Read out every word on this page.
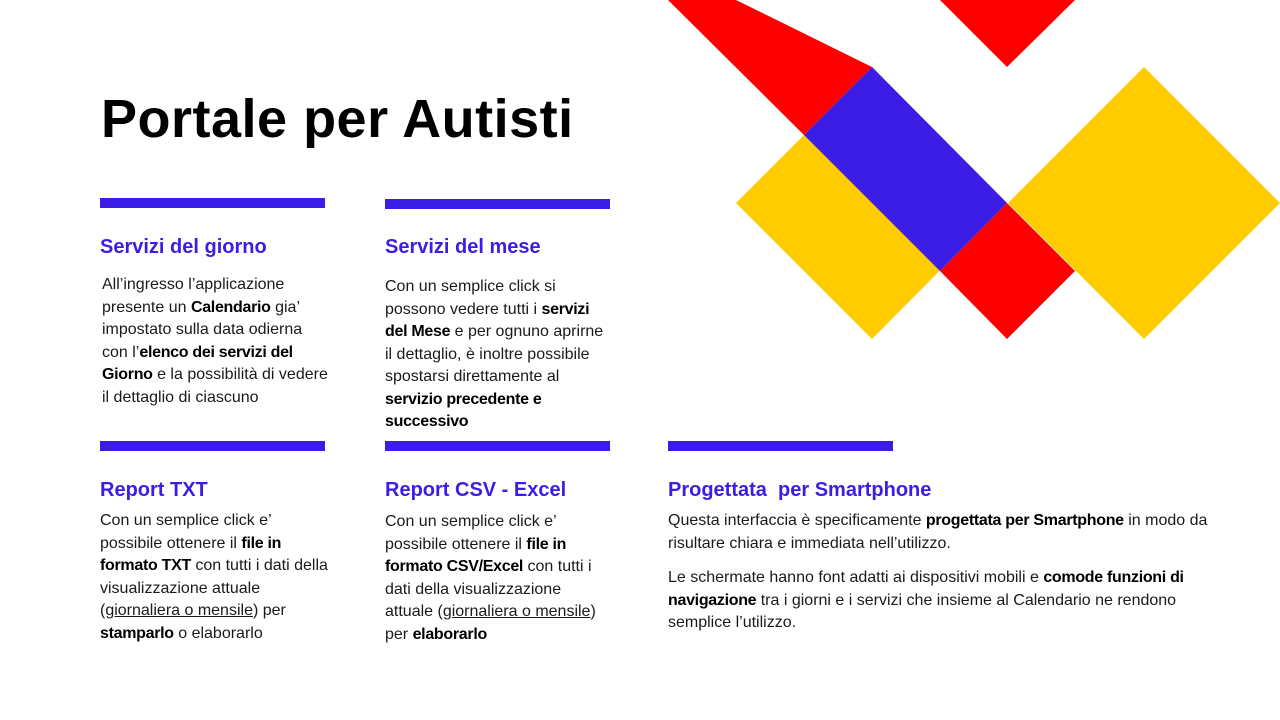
Portale per Autisti
Servizi del giorno
All’ingresso l’applicazione presente un Calendario gia’ impostato sulla data odierna con l’elenco dei servizi del Giorno e la possibilità di vedere il dettaglio di ciascuno
Servizi del mese
Con un semplice click si possono vedere tutti i servizi del Mese e per ognuno aprirne il dettaglio, è inoltre possibile spostarsi direttamente al servizio precedente e successivo
Report TXT
Con un semplice click e’ possibile ottenere il file in formato TXT con tutti i dati della visualizzazione attuale (giornaliera o mensile) per stamparlo o elaborarlo
Report CSV - Excel
Con un semplice click e’ possibile ottenere il file in formato CSV/Excel con tutti i dati della visualizzazione attuale (giornaliera o mensile) per elaborarlo
Progettata  per Smartphone

Questa interfaccia è specificamente progettata per Smartphone in modo da risultare chiara e immediata nell’utilizzo.

Le schermate hanno font adatti ai dispositivi mobili e comode funzioni di navigazione tra i giorni e i servizi che insieme al Calendario ne rendono semplice l’utilizzo.
